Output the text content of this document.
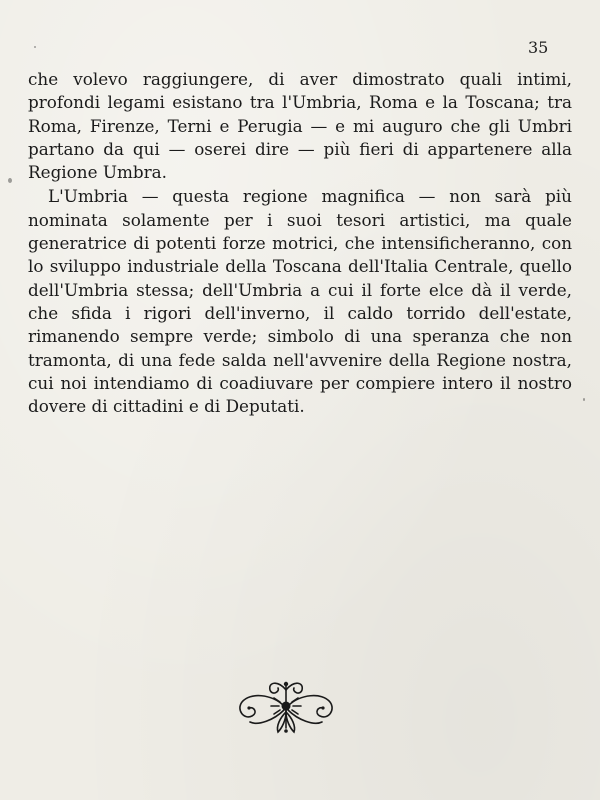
35

che volevo raggiungere, di aver dimostrato quali intimi, profondi legami esistano tra l'Umbria, Roma e la Toscana; tra Roma, Firenze, Terni e Perugia — e mi auguro che gli Umbri partano da qui — oserei dire — più fieri di appartenere alla Regione Umbra.

L'Umbria — questa regione magnifica — non sarà più nominata solamente per i suoi tesori artistici, ma quale generatrice di potenti forze motrici, che intensificheranno, con lo sviluppo industriale della Toscana dell'Italia Centrale, quello dell'Umbria stessa; dell'Umbria a cui il forte elce dà il verde, che sfida i rigori dell'inverno, il caldo torrido dell'estate, rimanendo sempre verde; simbolo di una speranza che non tramonta, di una fede salda nell'avvenire della Regione nostra, cui noi intendiamo di coadiuvare per compiere intero il nostro dovere di cittadini e di Deputati.
